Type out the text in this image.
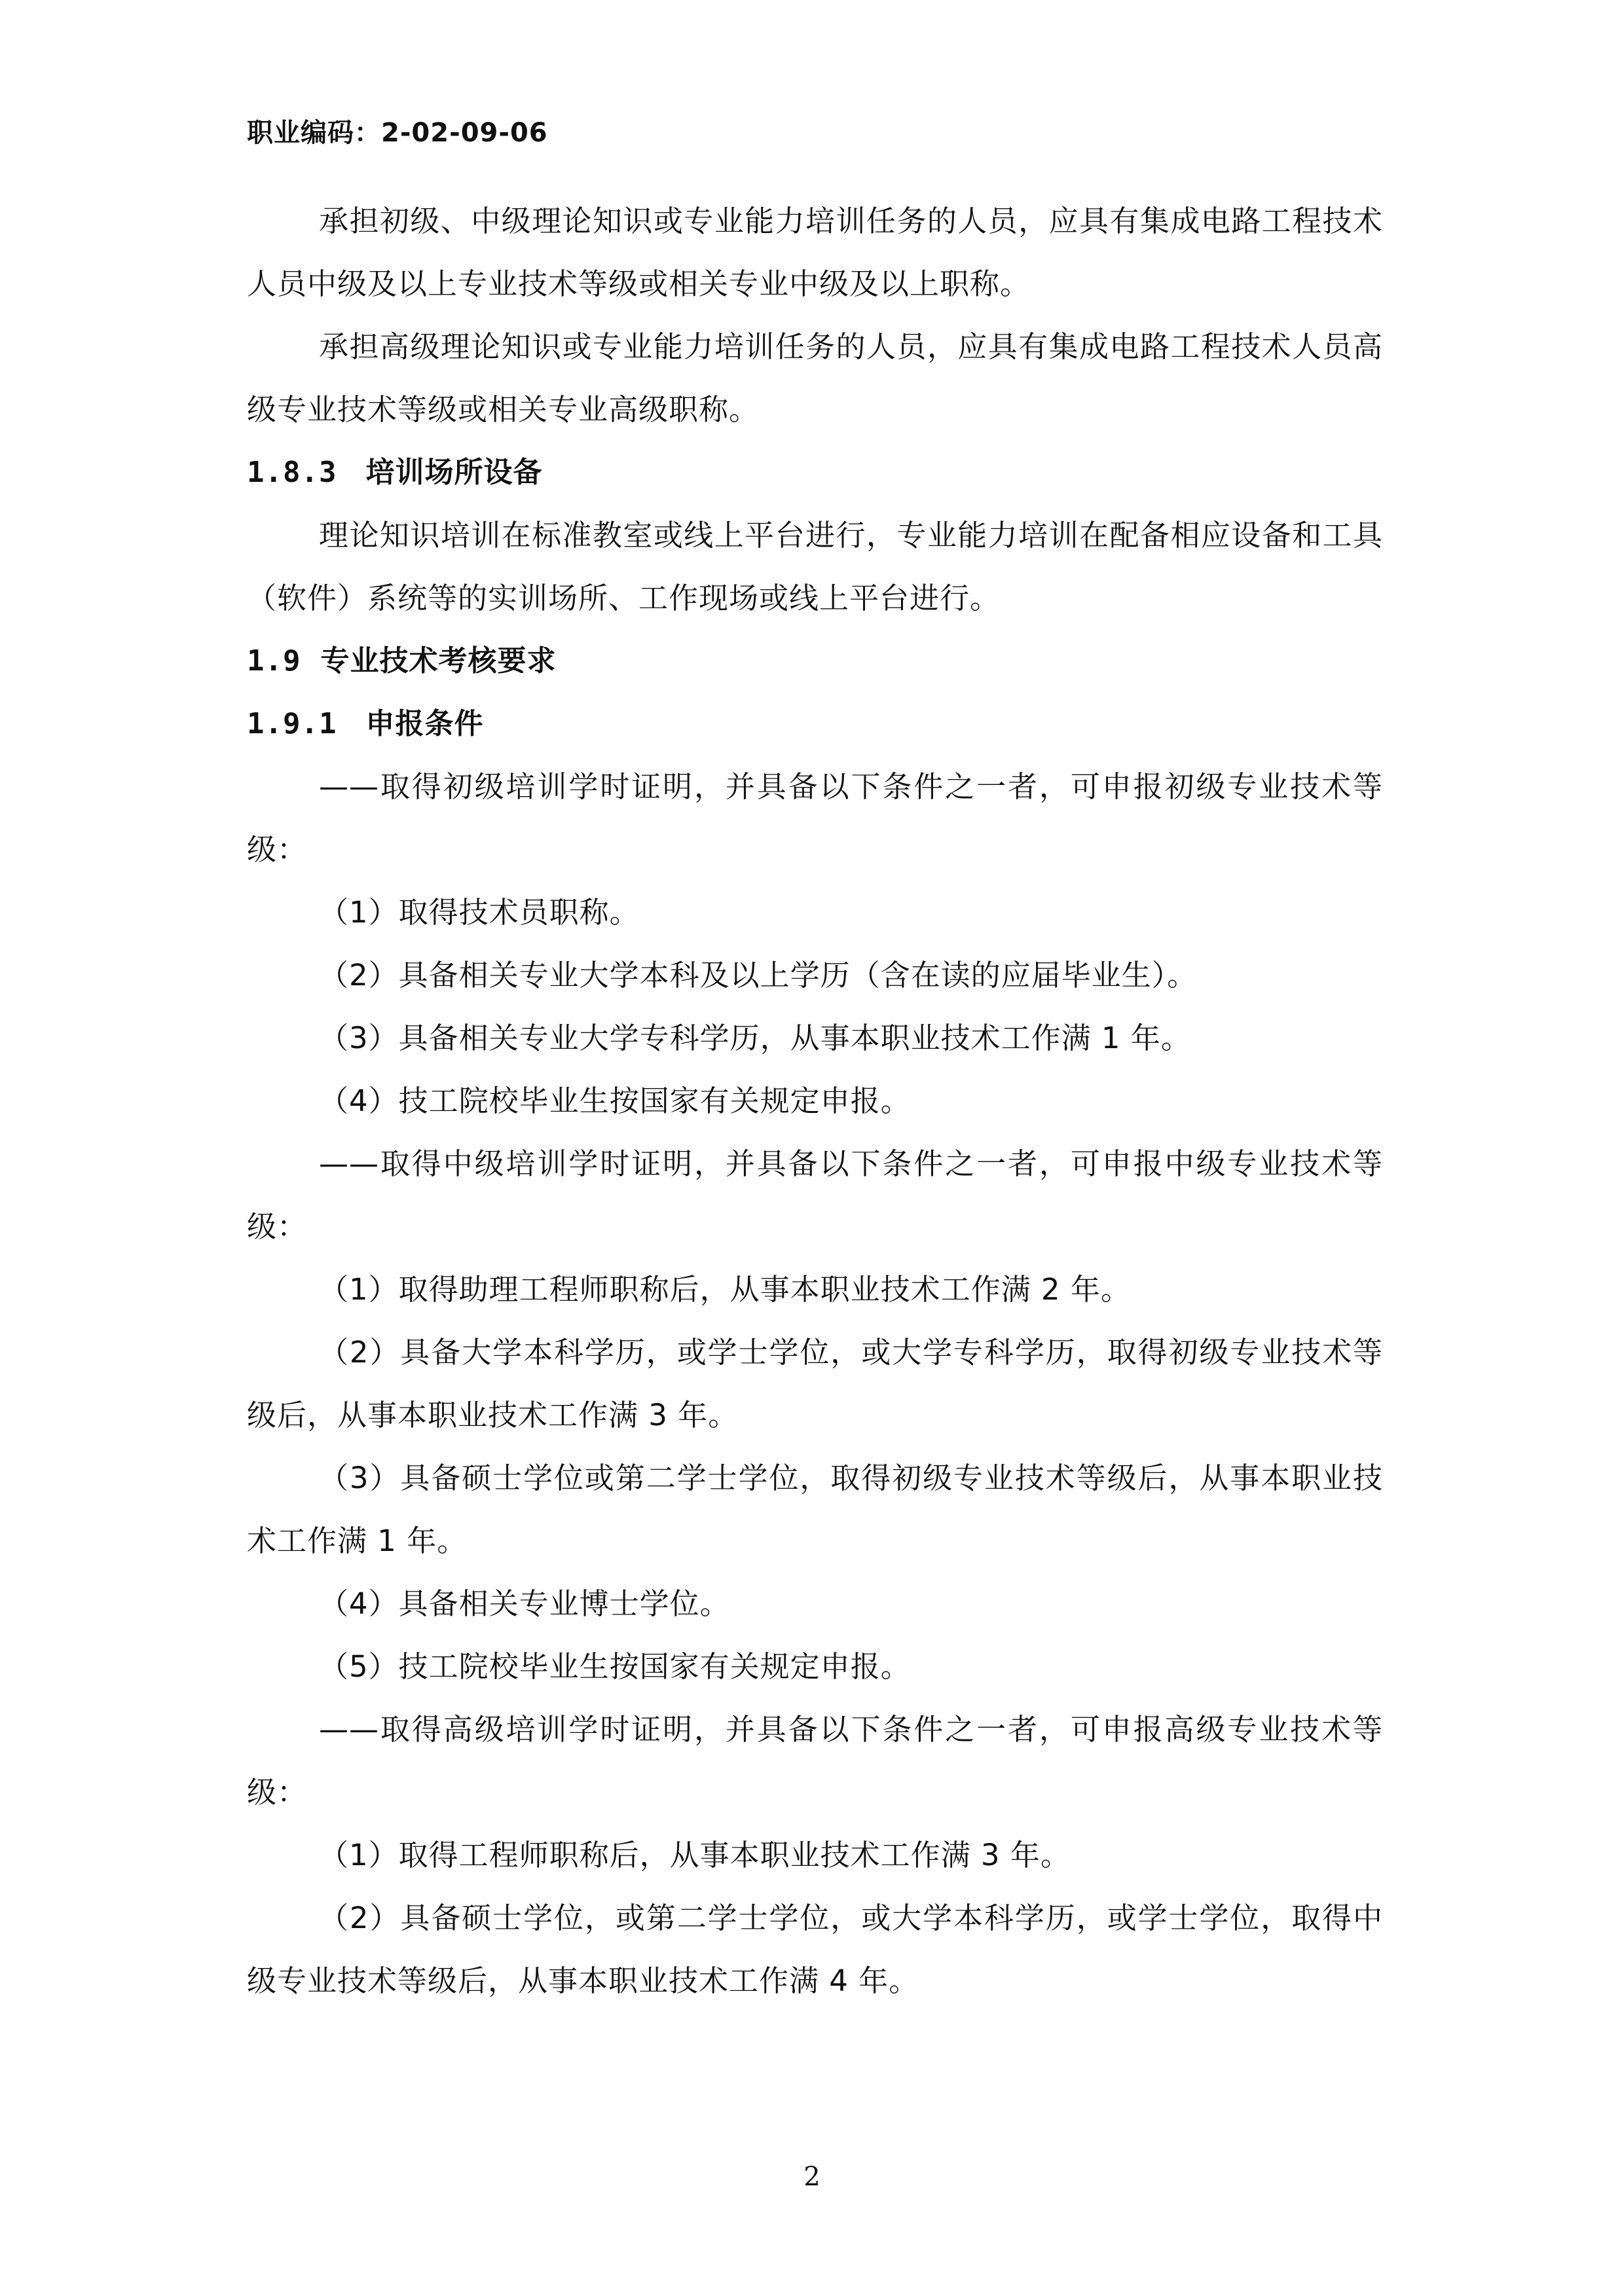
职业编码：2-02-09-06

承担初级、中级理论知识或专业能力培训任务的人员，应具有集成电路工程技术人员中级及以上专业技术等级或相关专业中级及以上职称。

承担高级理论知识或专业能力培训任务的人员，应具有集成电路工程技术人员高级专业技术等级或相关专业高级职称。

1.8.3 培训场所设备

理论知识培训在标准教室或线上平台进行，专业能力培训在配备相应设备和工具（软件）系统等的实训场所、工作现场或线上平台进行。

1.9 专业技术考核要求

1.9.1 申报条件

——取得初级培训学时证明，并具备以下条件之一者，可申报初级专业技术等级：

（1）取得技术员职称。

（2）具备相关专业大学本科及以上学历（含在读的应届毕业生）。

（3）具备相关专业大学专科学历，从事本职业技术工作满 1 年。

（4）技工院校毕业生按国家有关规定申报。

——取得中级培训学时证明，并具备以下条件之一者，可申报中级专业技术等级：

（1）取得助理工程师职称后，从事本职业技术工作满 2 年。

（2）具备大学本科学历，或学士学位，或大学专科学历，取得初级专业技术等级后，从事本职业技术工作满 3 年。

（3）具备硕士学位或第二学士学位，取得初级专业技术等级后，从事本职业技术工作满 1 年。

（4）具备相关专业博士学位。

（5）技工院校毕业生按国家有关规定申报。

——取得高级培训学时证明，并具备以下条件之一者，可申报高级专业技术等级：

（1）取得工程师职称后，从事本职业技术工作满 3 年。

（2）具备硕士学位，或第二学士学位，或大学本科学历，或学士学位，取得中级专业技术等级后，从事本职业技术工作满 4 年。

2
